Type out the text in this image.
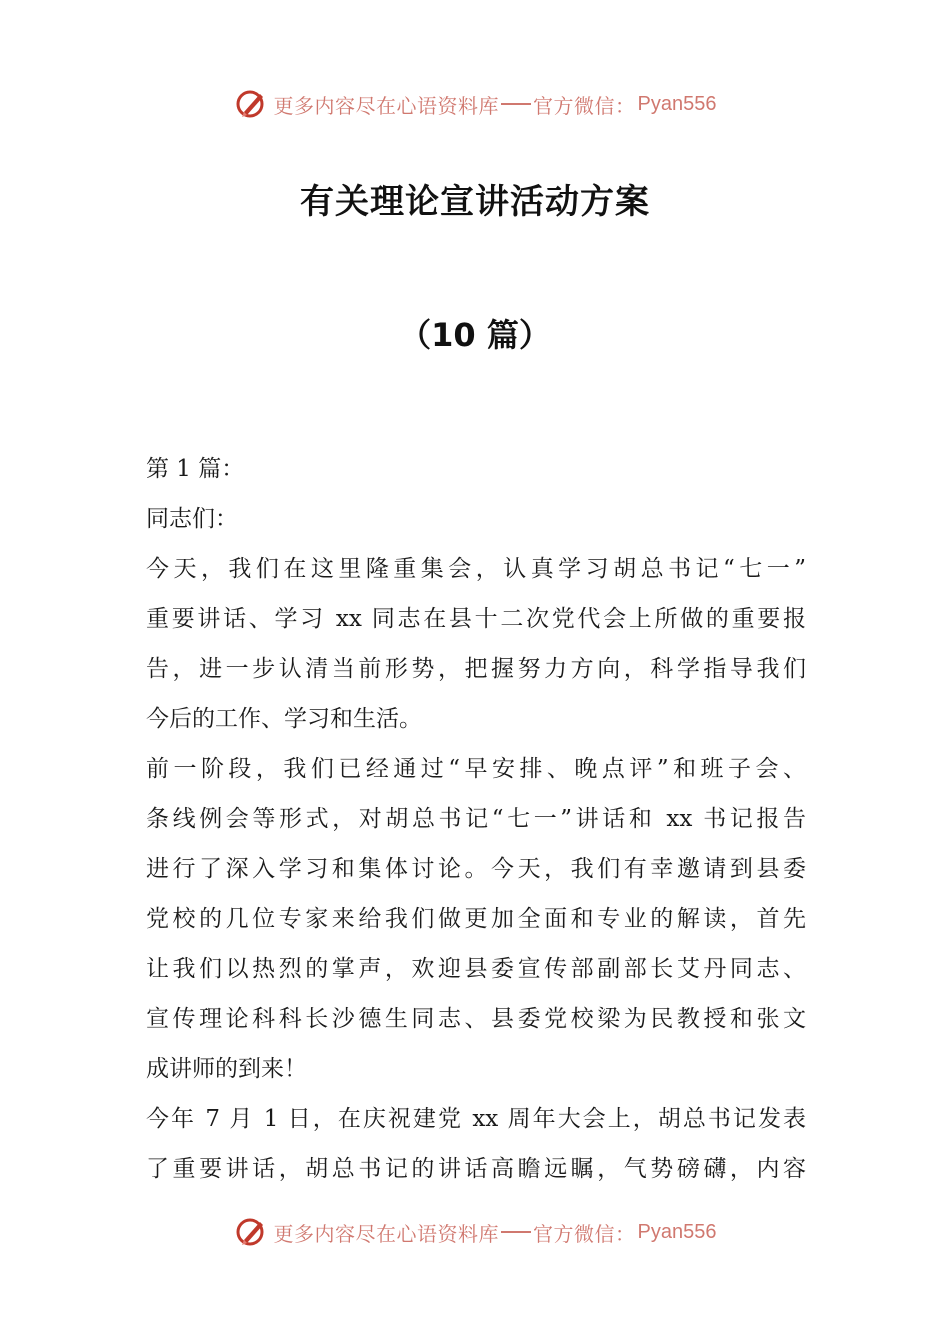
更多内容尽在心语资料库 官方微信： Pyan556
有关理论宣讲活动方案
（10 篇）
第 1 篇：
同志们：
今天，我们在这里隆重集会，认真学习胡总书记“七一”
重要讲话、学习 xx 同志在县十二次党代会上所做的重要报
告，进一步认清当前形势，把握努力方向，科学指导我们
今后的工作、学习和生活。
前一阶段，我们已经通过“早安排、晚点评”和班子会、
条线例会等形式，对胡总书记“七一”讲话和 xx 书记报告
进行了深入学习和集体讨论。今天，我们有幸邀请到县委
党校的几位专家来给我们做更加全面和专业的解读，首先
让我们以热烈的掌声，欢迎县委宣传部副部长艾丹同志、
宣传理论科科长沙德生同志、县委党校梁为民教授和张文
成讲师的到来！
今年 7 月 1 日，在庆祝建党 xx 周年大会上，胡总书记发表
了重要讲话，胡总书记的讲话高瞻远瞩，气势磅礴，内容
更多内容尽在心语资料库 官方微信： Pyan556
